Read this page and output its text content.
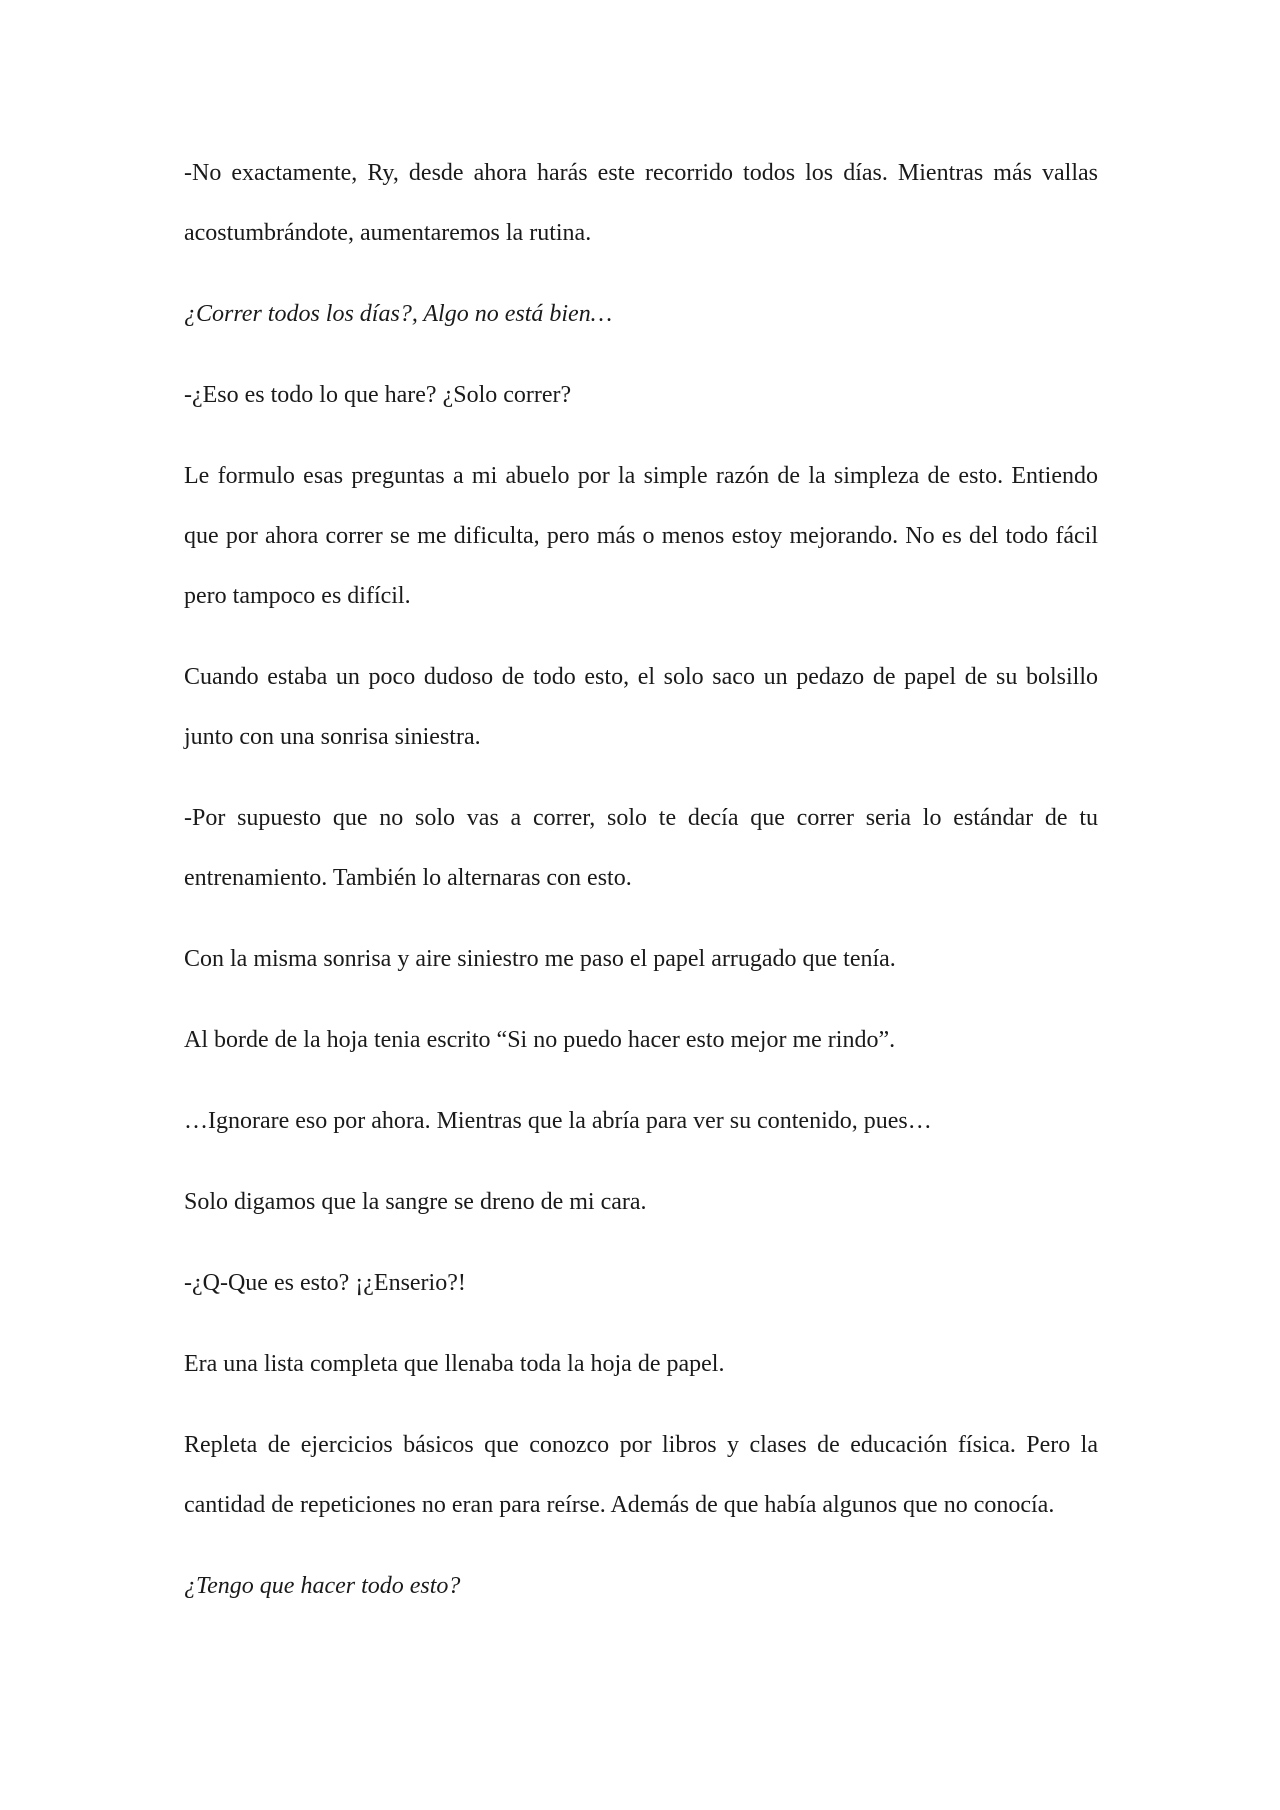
-No exactamente, Ry, desde ahora harás este recorrido todos los días. Mientras más vallas acostumbrándote, aumentaremos la rutina.

¿Correr todos los días?, Algo no está bien…

-¿Eso es todo lo que hare? ¿Solo correr?

Le formulo esas preguntas a mi abuelo por la simple razón de la simpleza de esto. Entiendo que por ahora correr se me dificulta, pero más o menos estoy mejorando. No es del todo fácil pero tampoco es difícil.

Cuando estaba un poco dudoso de todo esto, el solo saco un pedazo de papel de su bolsillo junto con una sonrisa siniestra.

-Por supuesto que no solo vas a correr, solo te decía que correr seria lo estándar de tu entrenamiento. También lo alternaras con esto.

Con la misma sonrisa y aire siniestro me paso el papel arrugado que tenía.

Al borde de la hoja tenia escrito “Si no puedo hacer esto mejor me rindo”.

…Ignorare eso por ahora. Mientras que la abría para ver su contenido, pues…

Solo digamos que la sangre se dreno de mi cara.

-¿Q-Que es esto? ¡¿Enserio?!

Era una lista completa que llenaba toda la hoja de papel.

Repleta de ejercicios básicos que conozco por libros y clases de educación física. Pero la cantidad de repeticiones no eran para reírse. Además de que había algunos que no conocía.

¿Tengo que hacer todo esto?
